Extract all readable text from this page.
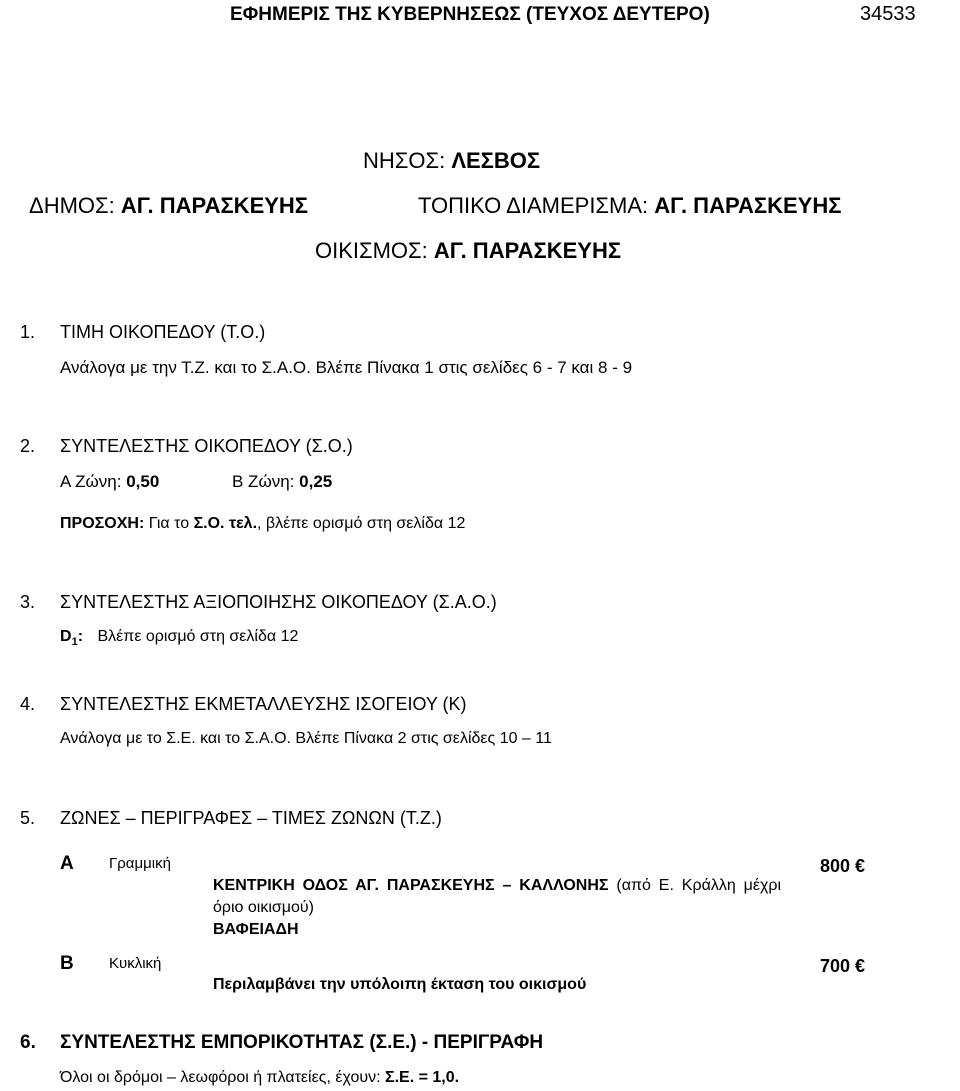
ΕΦΗΜΕΡΙΣ ΤΗΣ ΚΥΒΕΡΝΗΣΕΩΣ (ΤΕΥΧΟΣ ΔΕΥΤΕΡΟ)	34533
ΝΗΣΟΣ: ΛΕΣΒΟΣ
ΔΗΜΟΣ: ΑΓ. ΠΑΡΑΣΚΕΥΗΣ	ΤΟΠΙΚΟ ΔΙΑΜΕΡΙΣΜΑ: ΑΓ. ΠΑΡΑΣΚΕΥΗΣ
ΟΙΚΙΣΜΟΣ: ΑΓ. ΠΑΡΑΣΚΕΥΗΣ
1. ΤΙΜΗ ΟΙΚΟΠΕΔΟΥ (Τ.Ο.)
Ανάλογα με την Τ.Ζ. και το Σ.Α.Ο. Βλέπε Πίνακα 1 στις σελίδες 6 - 7 και 8 - 9
2. ΣΥΝΤΕΛΕΣΤΗΣ ΟΙΚΟΠΕΔΟΥ (Σ.Ο.)
Α Ζώνη: 0,50	Β Ζώνη: 0,25
ΠΡΟΣΟΧΗ: Για το Σ.Ο. τελ., βλέπε ορισμό στη σελίδα 12
3. ΣΥΝΤΕΛΕΣΤΗΣ ΑΞΙΟΠΟΙΗΣΗΣ ΟΙΚΟΠΕΔΟΥ (Σ.Α.Ο.)
$D_1$: Βλέπε ορισμό στη σελίδα 12
4. ΣΥΝΤΕΛΕΣΤΗΣ ΕΚΜΕΤΑΛΛΕΥΣΗΣ ΙΣΟΓΕΙΟΥ (Κ)
Ανάλογα με το Σ.Ε. και το Σ.Α.Ο. Βλέπε Πίνακα 2 στις σελίδες 10 – 11
5. ΖΩΝΕΣ – ΠΕΡΙΓΡΑΦΕΣ – ΤΙΜΕΣ ΖΩΝΩΝ (Τ.Ζ.)
Α Γραμμική	800 €
ΚΕΝΤΡΙΚΗ ΟΔΟΣ ΑΓ. ΠΑΡΑΣΚΕΥΗΣ – ΚΑΛΛΟΝΗΣ (από Ε. Κράλλη μέχρι όριο οικισμού)
ΒΑΦΕΙΑΔΗ
Β Κυκλική	700 €
Περιλαμβάνει την υπόλοιπη έκταση του οικισμού
6. ΣΥΝΤΕΛΕΣΤΗΣ ΕΜΠΟΡΙΚΟΤΗΤΑΣ (Σ.Ε.) - ΠΕΡΙΓΡΑΦΗ
Όλοι οι δρόμοι – λεωφόροι ή πλατείες, έχουν: Σ.Ε. = 1,0.
